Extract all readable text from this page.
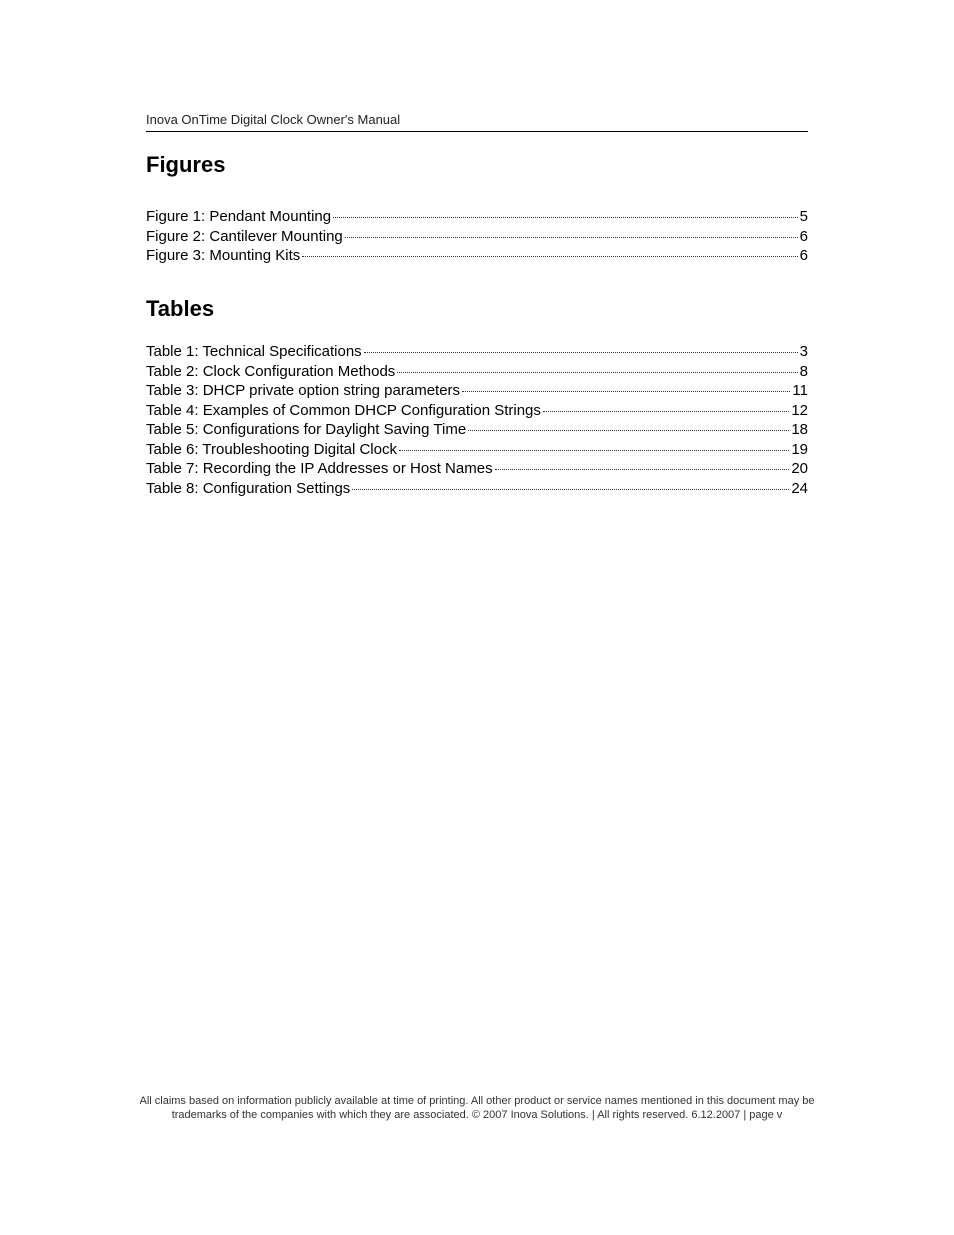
Inova OnTime Digital Clock Owner's Manual
Figures
Figure 1: Pendant Mounting	5
Figure 2: Cantilever Mounting	6
Figure 3: Mounting Kits	6
Tables
Table 1: Technical Specifications	3
Table 2: Clock Configuration Methods	8
Table 3: DHCP private option string parameters	11
Table 4: Examples of Common DHCP Configuration Strings	12
Table 5: Configurations for Daylight Saving Time	18
Table 6: Troubleshooting Digital Clock	19
Table 7: Recording the IP Addresses or Host Names	20
Table 8: Configuration Settings	24

All claims based on information publicly available at time of printing. All other product or service names mentioned in this document may be

trademarks of the companies with which they are associated. © 2007 Inova Solutions. | All rights reserved. 6.12.2007 | page v
